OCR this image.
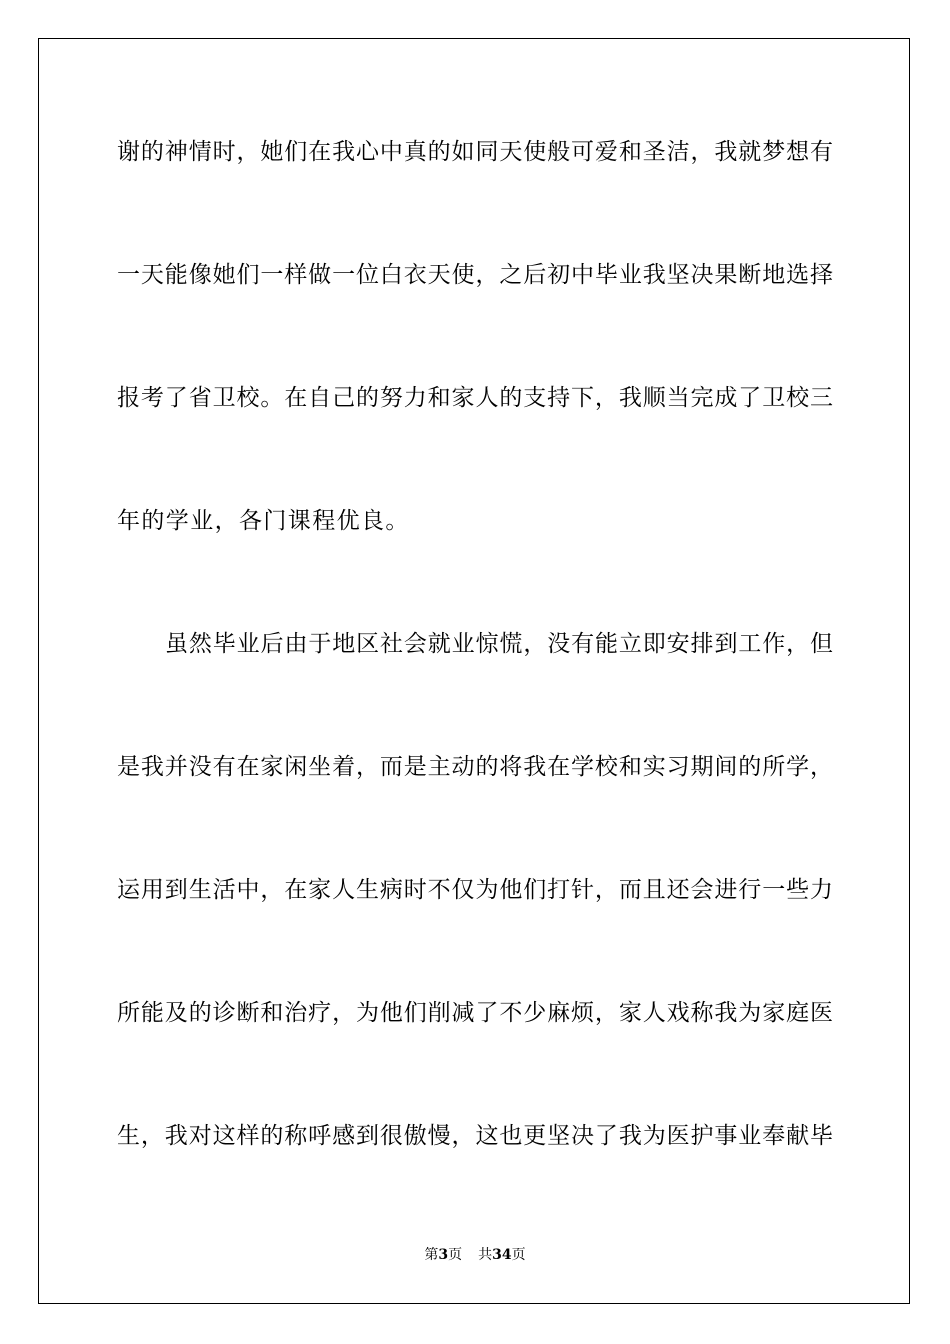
谢的神情时，她们在我心中真的如同天使般可爱和圣洁，我就梦想有
一天能像她们一样做一位白衣天使，之后初中毕业我坚决果断地选择
报考了省卫校。在自己的努力和家人的支持下，我顺当完成了卫校三
年的学业，各门课程优良。
虽然毕业后由于地区社会就业惊慌，没有能立即安排到工作，但
是我并没有在家闲坐着，而是主动的将我在学校和实习期间的所学，
运用到生活中，在家人生病时不仅为他们打针，而且还会进行一些力
所能及的诊断和治疗，为他们削减了不少麻烦，家人戏称我为家庭医
生，我对这样的称呼感到很傲慢，这也更坚决了我为医护事业奉献毕
第3页 共34页
